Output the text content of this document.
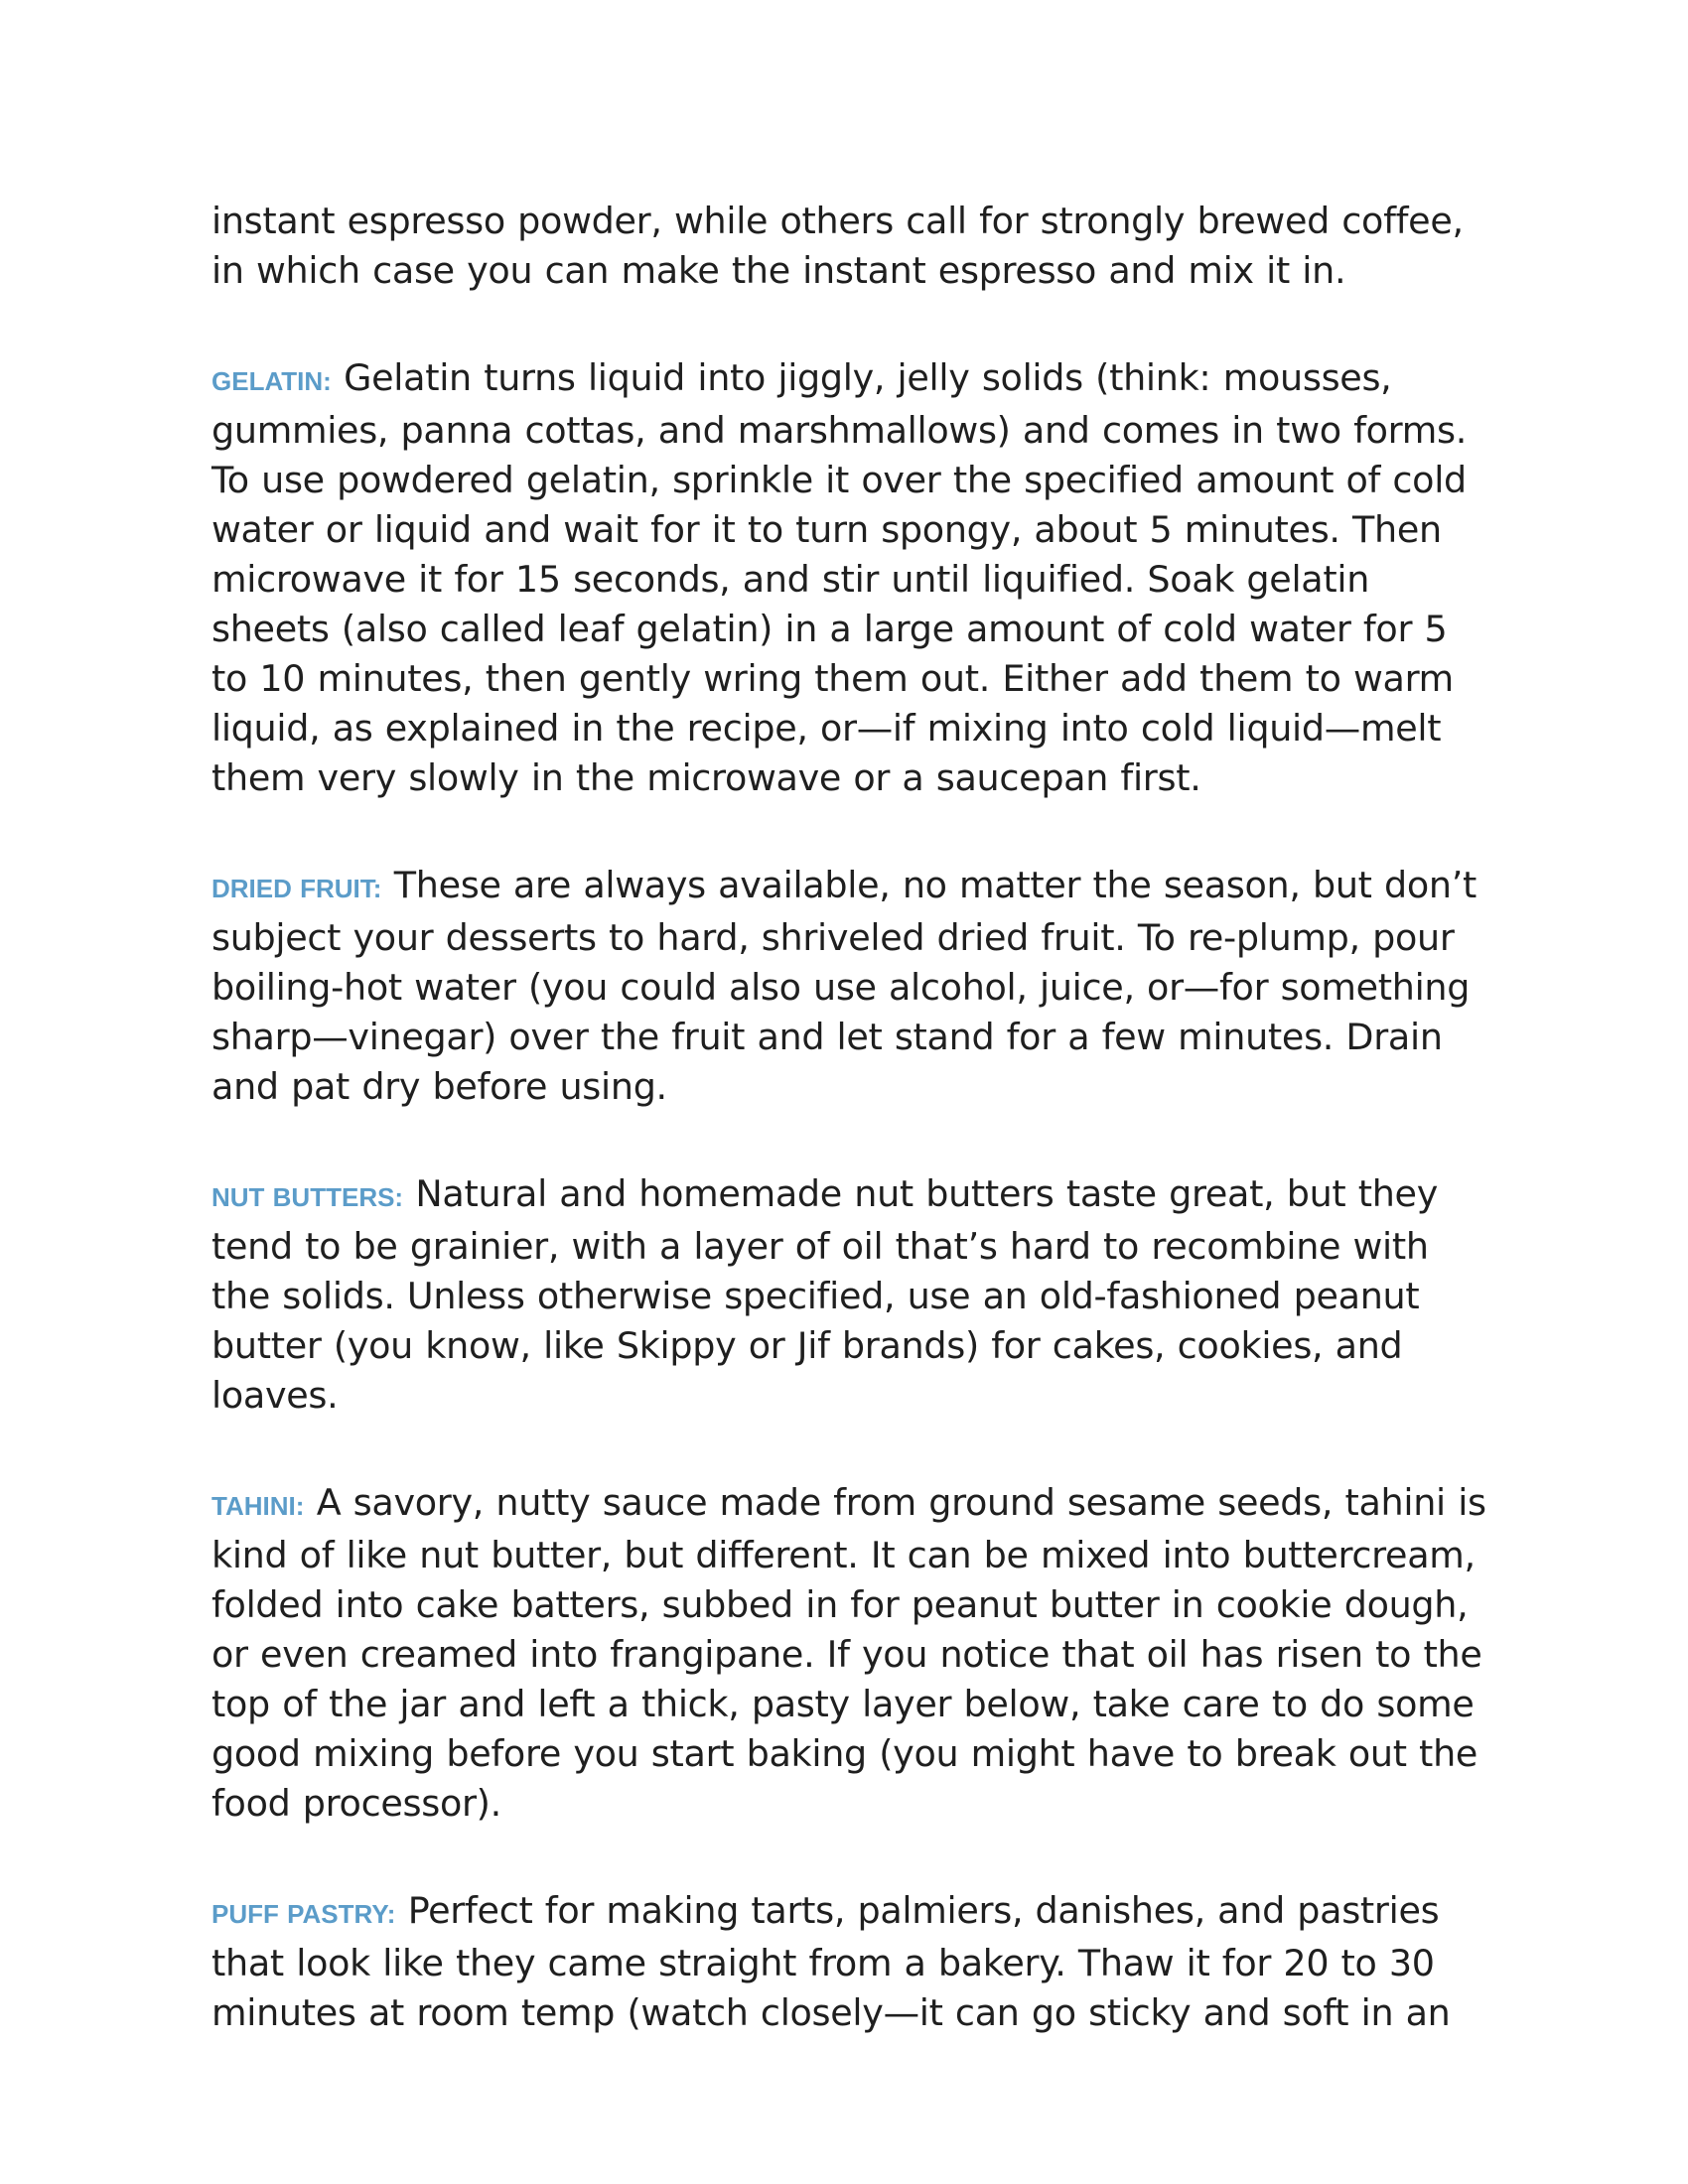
instant espresso powder, while others call for strongly brewed coffee, in which case you can make the instant espresso and mix it in.

GELATIN: Gelatin turns liquid into jiggly, jelly solids (think: mousses, gummies, panna cottas, and marshmallows) and comes in two forms. To use powdered gelatin, sprinkle it over the specified amount of cold water or liquid and wait for it to turn spongy, about 5 minutes. Then microwave it for 15 seconds, and stir until liquified. Soak gelatin sheets (also called leaf gelatin) in a large amount of cold water for 5 to 10 minutes, then gently wring them out. Either add them to warm liquid, as explained in the recipe, or—if mixing into cold liquid—melt them very slowly in the microwave or a saucepan first.

DRIED FRUIT: These are always available, no matter the season, but don’t subject your desserts to hard, shriveled dried fruit. To re-plump, pour boiling-hot water (you could also use alcohol, juice, or—for something sharp—vinegar) over the fruit and let stand for a few minutes. Drain and pat dry before using.

NUT BUTTERS: Natural and homemade nut butters taste great, but they tend to be grainier, with a layer of oil that’s hard to recombine with the solids. Unless otherwise specified, use an old-fashioned peanut butter (you know, like Skippy or Jif brands) for cakes, cookies, and loaves.

TAHINI: A savory, nutty sauce made from ground sesame seeds, tahini is kind of like nut butter, but different. It can be mixed into buttercream, folded into cake batters, subbed in for peanut butter in cookie dough, or even creamed into frangipane. If you notice that oil has risen to the top of the jar and left a thick, pasty layer below, take care to do some good mixing before you start baking (you might have to break out the food processor).

PUFF PASTRY: Perfect for making tarts, palmiers, danishes, and pastries that look like they came straight from a bakery. Thaw it for 20 to 30 minutes at room temp (watch closely—it can go sticky and soft in an
